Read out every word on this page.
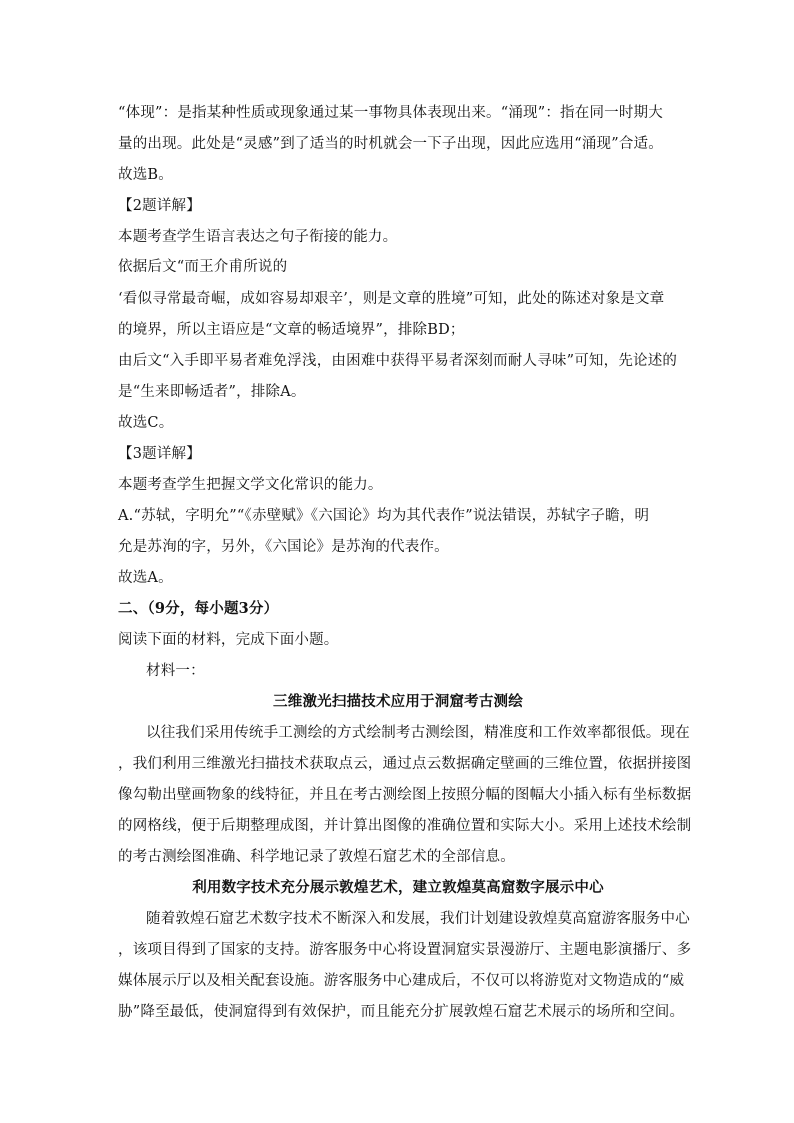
“体现”：是指某种性质或现象通过某一事物具体表现出来。“涌现”：指在同一时期大
量的出现。此处是“灵感”到了适当的时机就会一下子出现，因此应选用“涌现”合适。
故选B。
【2题详解】
本题考查学生语言表达之句子衔接的能力。
依据后文“而王介甫所说的
‘看似寻常最奇崛，成如容易却艰辛’，则是文章的胜境”可知，此处的陈述对象是文章
的境界，所以主语应是“文章的畅适境界”，排除BD；
由后文“入手即平易者难免浮浅，由困难中获得平易者深刻而耐人寻味”可知，先论述的
是“生来即畅适者”，排除A。
故选C。
【3题详解】
本题考查学生把握文学文化常识的能力。
A.“苏轼，字明允”“《赤壁赋》《六国论》均为其代表作”说法错误，苏轼字子瞻，明
允是苏洵的字，另外，《六国论》是苏洵的代表作。
故选A。
二、（9分，每小题3分）
阅读下面的材料，完成下面小题。
材料一：
三维激光扫描技术应用于洞窟考古测绘
以往我们采用传统手工测绘的方式绘制考古测绘图，精准度和工作效率都很低。现在
，我们利用三维激光扫描技术获取点云，通过点云数据确定壁画的三维位置，依据拼接图
像勾勒出壁画物象的线特征，并且在考古测绘图上按照分幅的图幅大小插入标有坐标数据
的网格线，便于后期整理成图，并计算出图像的准确位置和实际大小。采用上述技术绘制
的考古测绘图准确、科学地记录了敦煌石窟艺术的全部信息。
利用数字技术充分展示敦煌艺术，建立敦煌莫高窟数字展示中心
随着敦煌石窟艺术数字技术不断深入和发展，我们计划建设敦煌莫高窟游客服务中心
，该项目得到了国家的支持。游客服务中心将设置洞窟实景漫游厅、主题电影演播厅、多
媒体展示厅以及相关配套设施。游客服务中心建成后，不仅可以将游览对文物造成的“威
胁”降至最低，使洞窟得到有效保护，而且能充分扩展敦煌石窟艺术展示的场所和空间。
